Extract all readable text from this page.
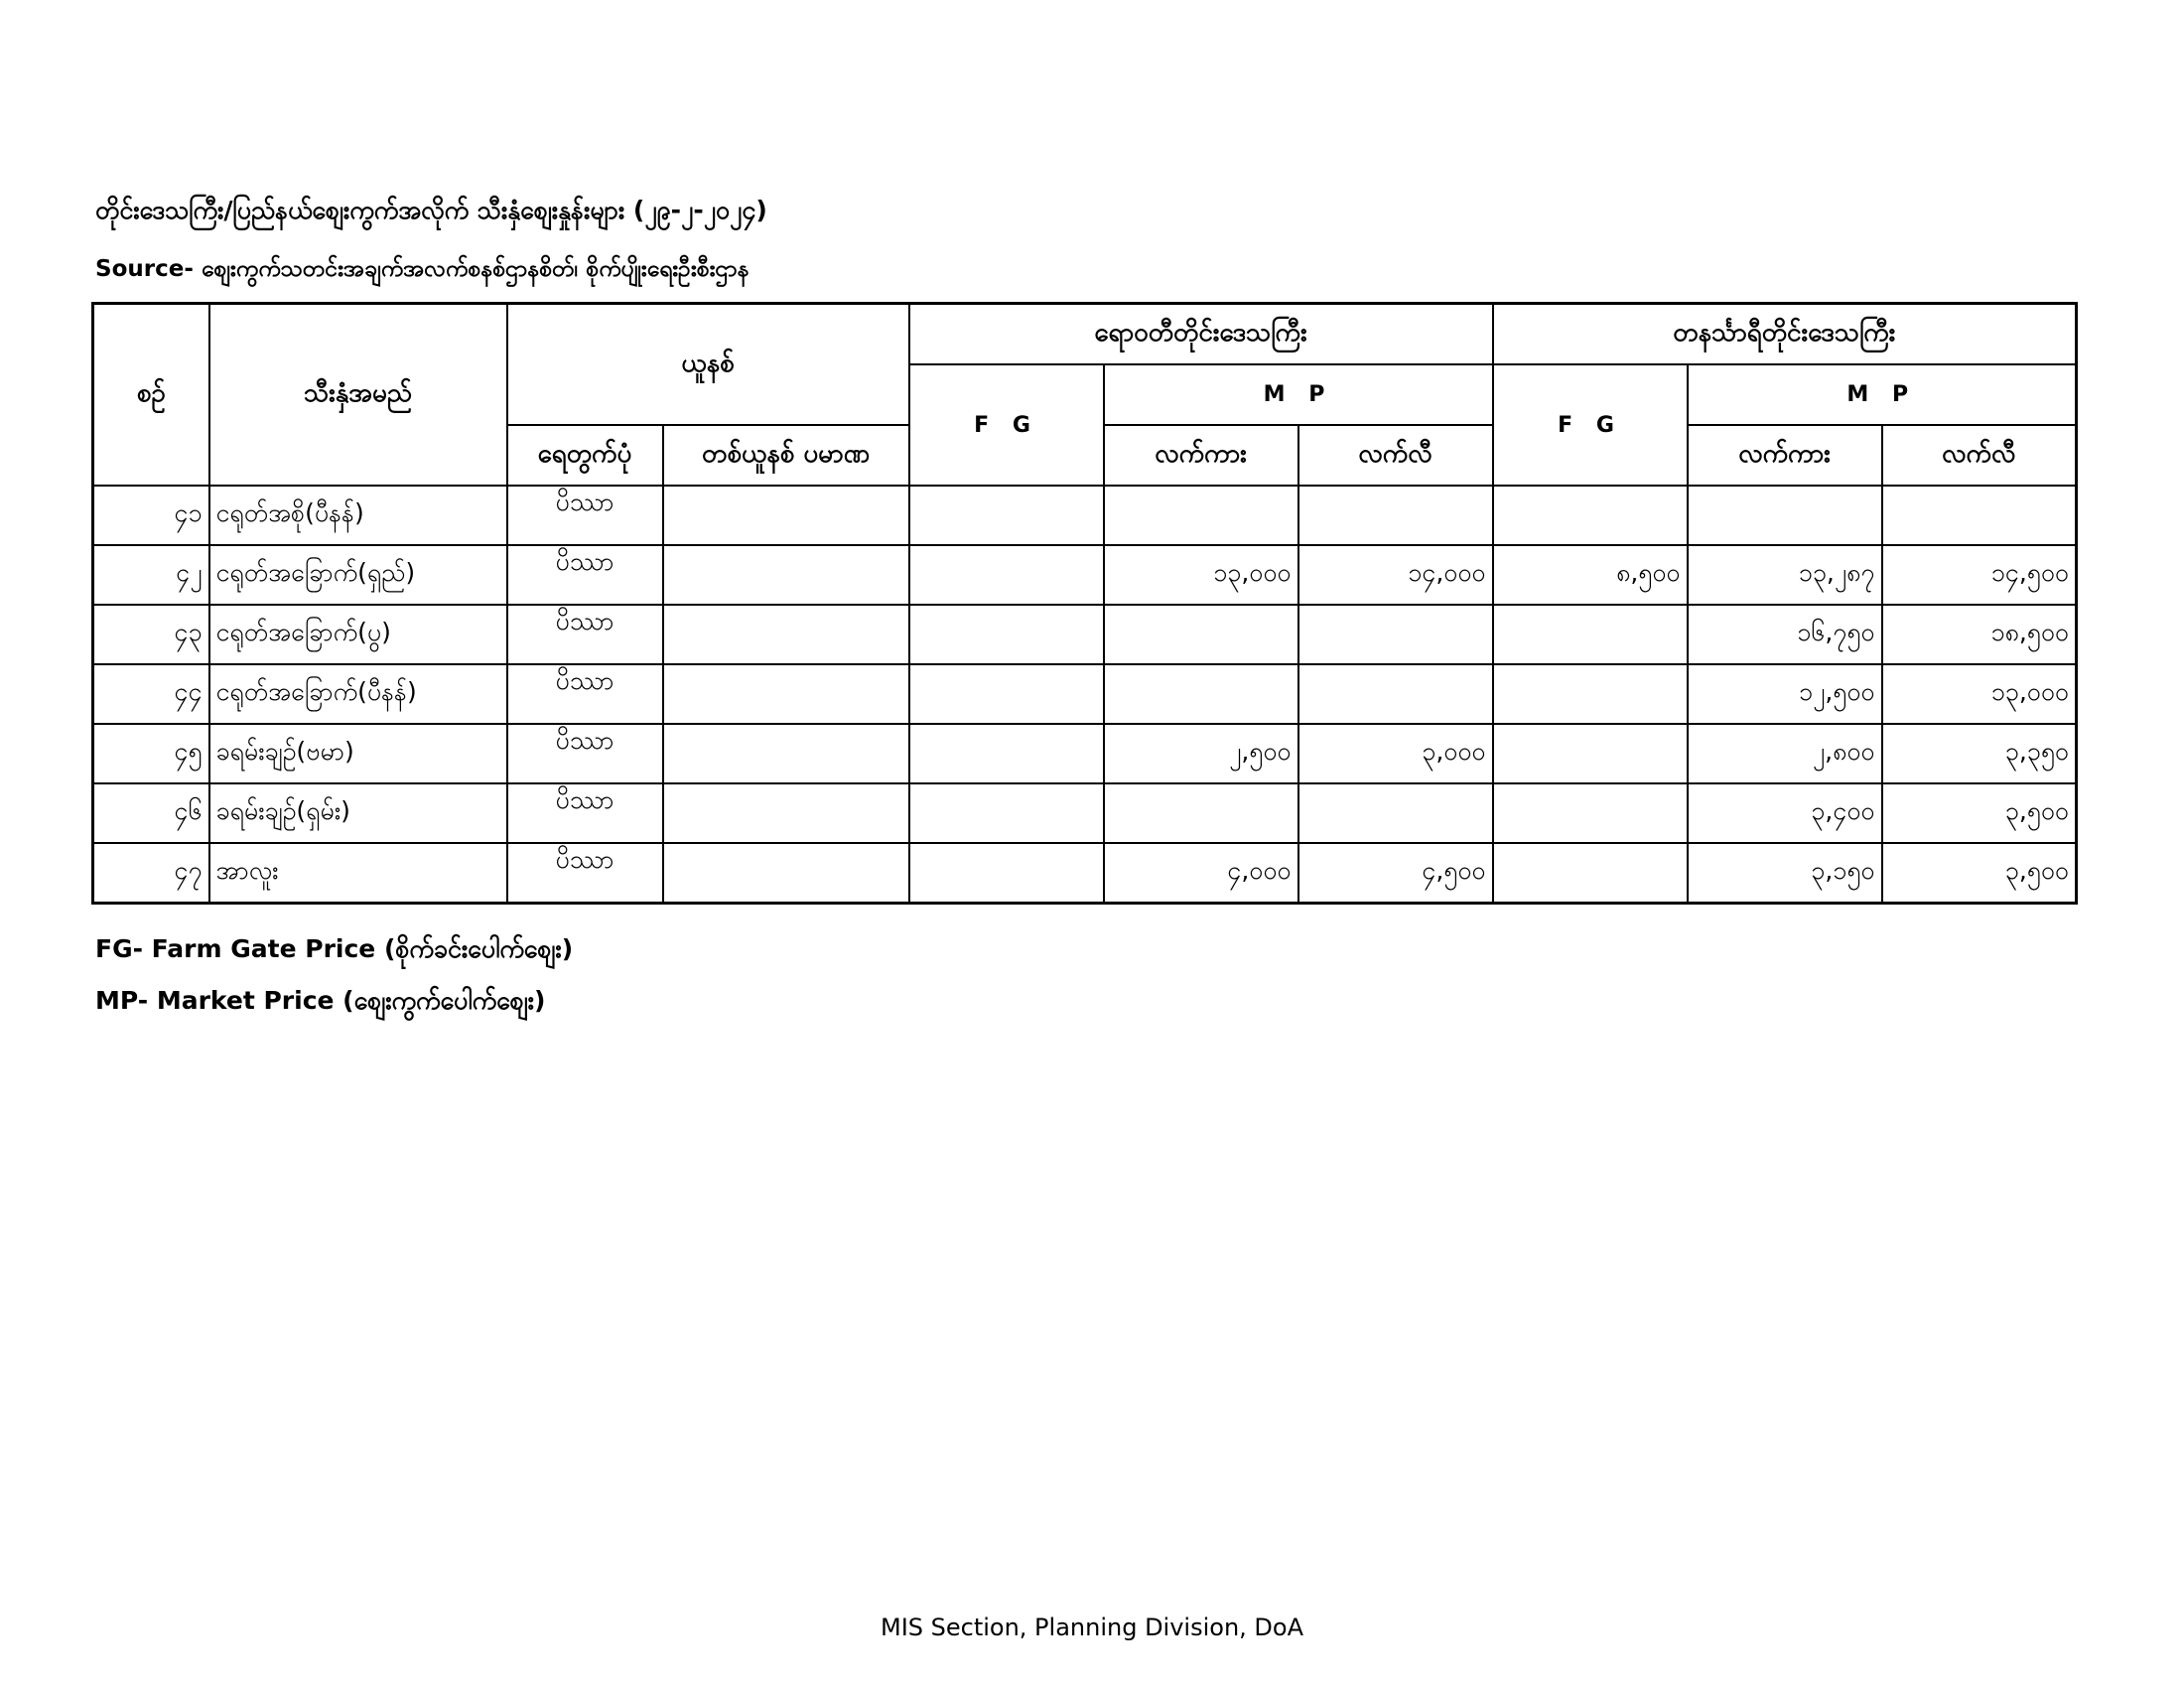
တိုင်းဒေသကြီး/ပြည်နယ်စျေးကွက်အလိုက် သီးနှံစျေးနှုန်းများ (၂၉-၂-၂၀၂၄)
Source- စျေးကွက်သတင်းအချက်အလက်စနစ်ဌာနစိတ်၊ စိုက်ပျိုးရေးဦးစီးဌာန
စဥ်	သီးနှံအမည်	ယူနစ်		ရောဝတီတိုင်းဒေသကြီး			တနင်္သာရီတိုင်းဒေသကြီး		
				F G	M P		F G	M P	
		ရေတွက်ပုံ	တစ်ယူနစ် ပမာဏ		လက်ကား	လက်လီ		လက်ကား	လက်လီ
၄၁	ငရုတ်အစို(ပီနန်)	ပိဿာ							
၄၂	ငရုတ်အခြောက်(ရှည်)	ပိဿာ			၁၃,၀၀၀	၁၄,၀၀၀	၈,၅၀၀	၁၃,၂၈၇	၁၄,၅၀၀
၄၃	ငရုတ်အခြောက်(ပွ)	ပိဿာ						၁၆,၇၅၀	၁၈,၅၀၀
၄၄	ငရုတ်အခြောက်(ပီနန်)	ပိဿာ						၁၂,၅၀၀	၁၃,၀၀၀
၄၅	ခရမ်းချဥ်(ဗမာ)	ပိဿာ			၂,၅၀၀	၃,၀၀၀		၂,၈၀၀	၃,၃၅၀
၄၆	ခရမ်းချဥ်(ရှမ်း)	ပိဿာ						၃,၄၀၀	၃,၅၀၀
၄၇	အာလူး	ပိဿာ			၄,၀၀၀	၄,၅၀၀		၃,၁၅၀	၃,၅၀၀
FG- Farm Gate Price (စိုက်ခင်းပေါက်စျေး)
MP- Market Price (စျေးကွက်ပေါက်စျေး)
MIS Section, Planning Division, DoA
